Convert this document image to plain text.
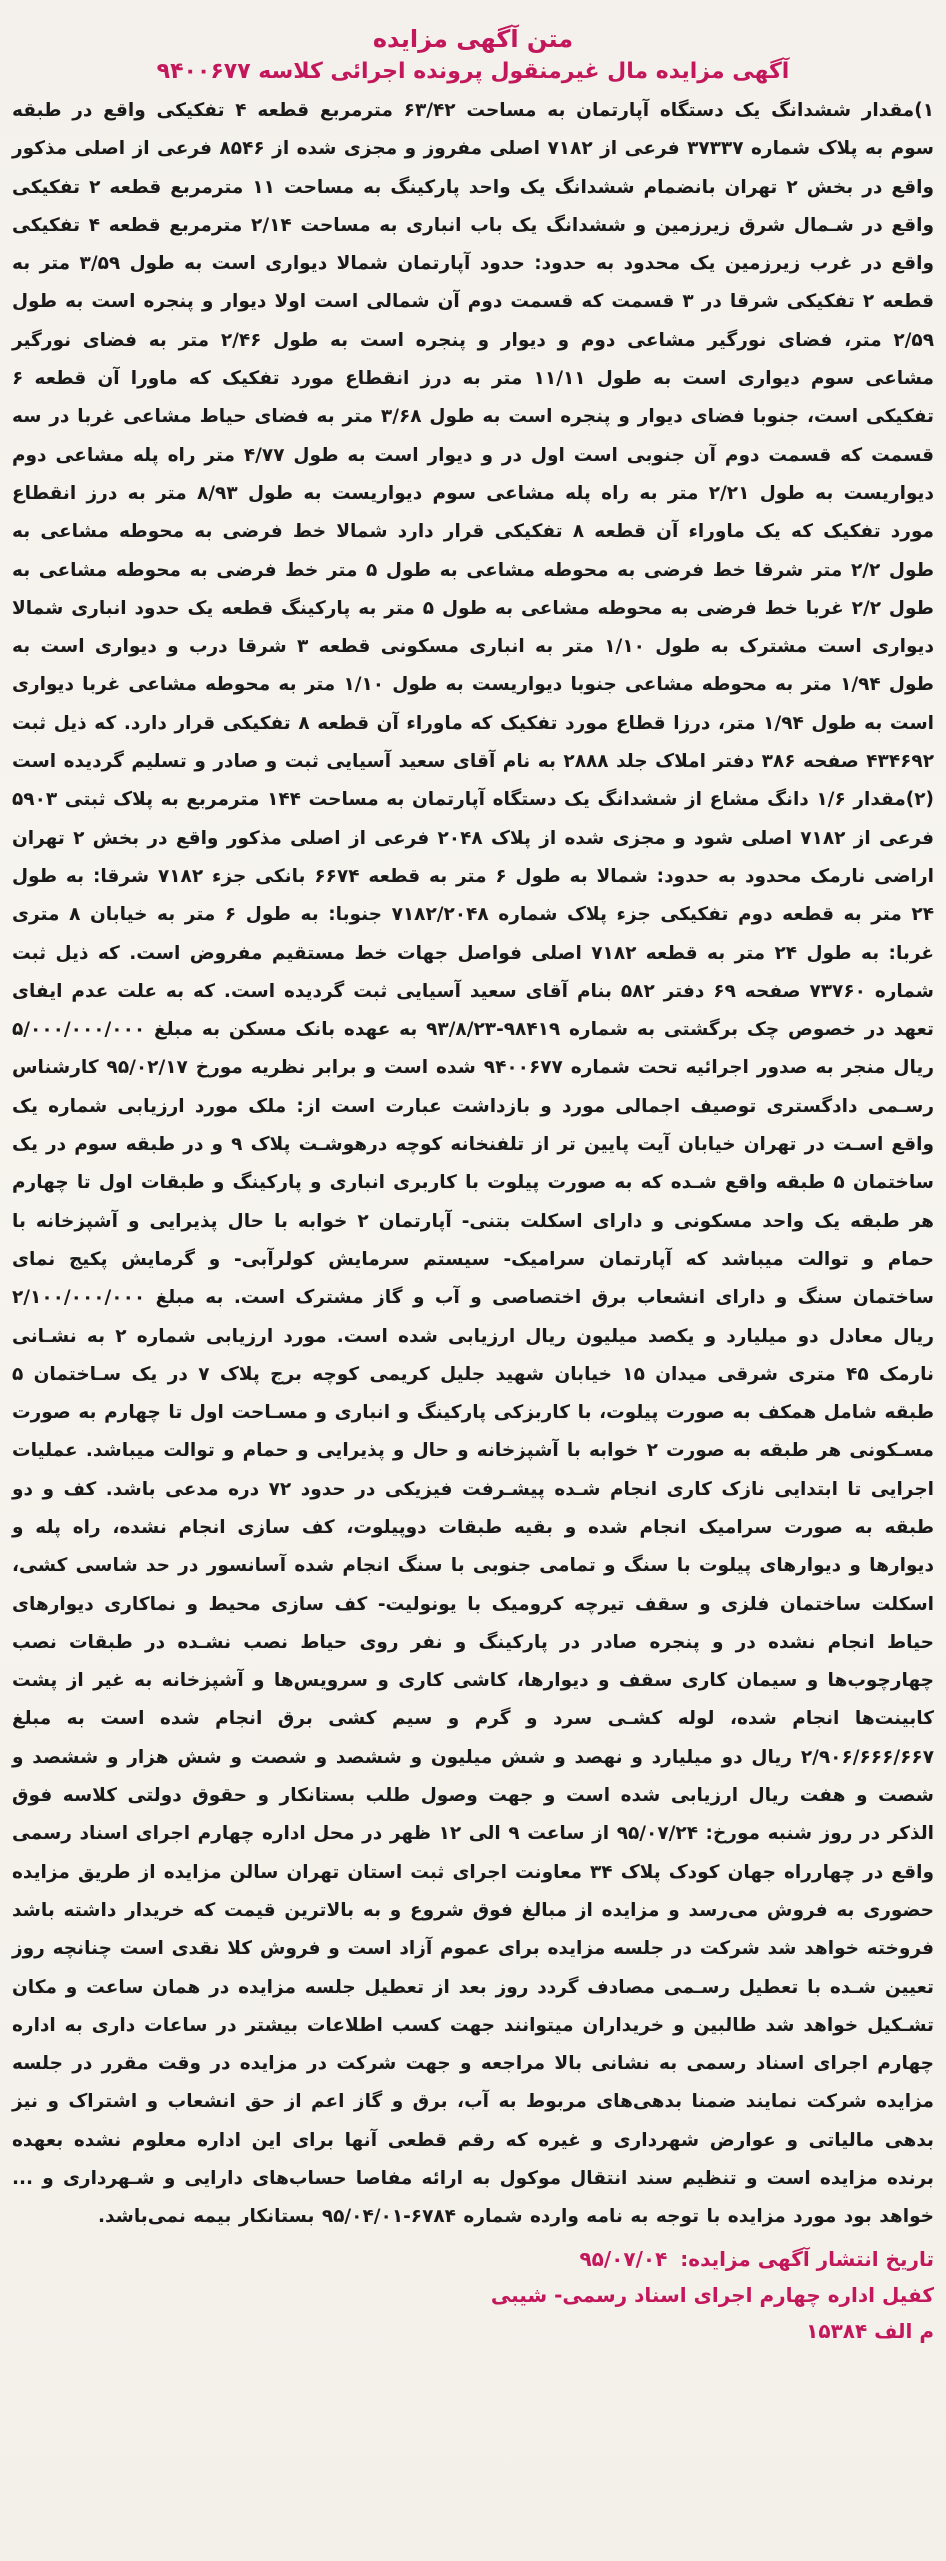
متن آگهی مزایده
آگهی مزایده مال غیرمنقول پرونده اجرائی کلاسه ۹۴۰۰۶۷۷

۱)مقدار ششدانگ یک دستگاه آپارتمان به مساحت ۶۳/۴۲ مترمربع قطعه ۴ تفکیکی واقع در طبقه سوم به پلاک شماره ۳۷۳۳۷ فرعی از ۷۱۸۲ اصلی مفروز و مجزی شده از ۸۵۴۶ فرعی از اصلی مذکور واقع در بخش ۲ تهران بانضمام ششدانگ یک واحد پارکینگ به مساحت ۱۱ مترمربع قطعه ۲ تفکیکی واقع در شـمال شرق زیرزمین و ششدانگ یک باب انباری به مساحت ۲/۱۴ مترمربع قطعه ۴ تفکیکی واقع در غرب زیرزمین یک محدود به حدود: حدود آپارتمان شمالا دیواری است به طول ۳/۵۹ متر به قطعه ۲ تفکیکی شرقا در ۳ قسمت که قسمت دوم آن شمالی است اولا دیوار و پنجره است به طول ۲/۵۹ متر، فضای نورگیر مشاعی دوم و دیوار و پنجره است به طول ۲/۴۶ متر به فضای نورگیر مشاعی سوم دیواری است به طول ۱۱/۱۱ متر به درز انقطاع مورد تفکیک که ماورا آن قطعه ۶ تفکیکی است، جنوبا فضای دیوار و پنجره است به طول ۳/۶۸ متر به فضای حیاط مشاعی غربا در سه قسمت که قسمت دوم آن جنوبی است اول در و دیوار است به طول ۴/۷۷ متر راه پله مشاعی دوم دیواریست به طول ۲/۲۱ متر به راه پله مشاعی سوم دیواریست به طول ۸/۹۳ متر به درز انقطاع مورد تفکیک که یک ماوراء آن قطعه ۸ تفکیکی قرار دارد شمالا خط فرضی به محوطه مشاعی به طول ۲/۲ متر شرقا خط فرضی به محوطه مشاعی به طول ۵ متر خط فرضی به محوطه مشاعی به طول ۲/۲ غربا خط فرضی به محوطه مشاعی به طول ۵ متر به پارکینگ قطعه یک حدود انباری شمالا دیواری است مشترک به طول ۱/۱۰ متر به انباری مسکونی قطعه ۳ شرقا درب و دیواری است به طول ۱/۹۴ متر به محوطه مشاعی جنوبا دیواریست به طول ۱/۱۰ متر به محوطه مشاعی غربا دیواری است به طول ۱/۹۴ متر، درزا قطاع مورد تفکیک که ماوراء آن قطعه ۸ تفکیکی قرار دارد. که ذیل ثبت ۴۳۴۶۹۲ صفحه ۳۸۶ دفتر املاک جلد ۲۸۸۸ به نام آقای سعید آسیایی ثبت و صادر و تسلیم گردیده است (۲)مقدار ۱/۶ دانگ مشاع از ششدانگ یک دستگاه آپارتمان به مساحت ۱۴۴ مترمربع به پلاک ثبتی ۵۹۰۳ فرعی از ۷۱۸۲ اصلی شود و مجزی شده از پلاک ۲۰۴۸ فرعی از اصلی مذکور واقع در بخش ۲ تهران اراضی نارمک محدود به حدود: شمالا به طول ۶ متر به قطعه ۶۶۷۴ بانکی جزء ۷۱۸۲ شرقا: به طول ۲۴ متر به قطعه دوم تفکیکی جزء پلاک شماره ۷۱۸۲/۲۰۴۸ جنوبا: به طول ۶ متر به خیابان ۸ متری غربا: به طول ۲۴ متر به قطعه ۷۱۸۲ اصلی فواصل جهات خط مستقیم مفروض است. که ذیل ثبت شماره ۷۳۷۶۰ صفحه ۶۹ دفتر ۵۸۲ بنام آقای سعید آسیایی ثبت گردیده است. که به علت عدم ایفای تعهد در خصوص چک برگشتی به شماره ۹۸۴۱۹-۹۳/۸/۲۳ به عهده بانک مسکن به مبلغ ۵/۰۰۰/۰۰۰/۰۰۰ ریال منجر به صدور اجرائیه تحت شماره ۹۴۰۰۶۷۷ شده است و برابر نظریه مورخ ۹۵/۰۲/۱۷ کارشناس رسـمی دادگستری توصیف اجمالی مورد و بازداشت عبارت است از: ملک مورد ارزیابی شماره یک واقع اسـت در تهران خیابان آیت پایین تر از تلفنخانه کوچه درهوشـت پلاک ۹ و در طبقه سوم در یک ساختمان ۵ طبقه واقع شـده که به صورت پیلوت با کاربری انباری و پارکینگ و طبقات اول تا چهارم هر طبقه یک واحد مسکونی و دارای اسکلت بتنی- آپارتمان ۲ خوابه با حال پذیرایی و آشپزخانه با حمام و توالت میباشد که آپارتمان سرامیک- سیستم سرمایش کولرآبی- و گرمایش پکیج نمای ساختمان سنگ و دارای انشعاب برق اختصاصی و آب و گاز مشترک است. به مبلغ ۲/۱۰۰/۰۰۰/۰۰۰ ریال معادل دو میلیارد و یکصد میلیون ریال ارزیابی شده است. مورد ارزیابی شماره ۲ به نشـانی نارمک ۴۵ متری شرقی میدان ۱۵ خیابان شهید جلیل کریمی کوچه برج پلاک ۷ در یک سـاختمان ۵ طبقه شامل همکف به صورت پیلوت، با کاربزکی پارکینگ و انباری و مسـاحت اول تا چهارم به صورت مسـکونی هر طبقه به صورت ۲ خوابه با آشپزخانه و حال و پذیرایی و حمام و توالت میباشد. عملیات اجرایی تا ابتدایی نازک کاری انجام شـده پیشـرفت فیزیکی در حدود ۷۲ دره مدعی باشد. کف و دو طبقه به صورت سرامیک انجام شده و بقیه طبقات دوپیلوت، کف سازی انجام نشده، راه پله و دیوارها و دیوارهای پیلوت با سنگ و تمامی جنوبی با سنگ انجام شده آسانسور در حد شاسی کشی، اسکلت ساختمان فلزی و سقف تیرچه کرومیک با یونولیت- کف سازی محیط و نماکاری دیوارهای حیاط انجام نشده در و پنجره صادر در پارکینگ و نفر روی حیاط نصب نشـده در طبقات نصب چهارچوب‌ها و سیمان کاری سقف و دیوارها، کاشی کاری و سرویس‌ها و آشپزخانه به غیر از پشت کابینت‌ها انجام شده، لوله کشـی سرد و گرم و سیم کشی برق انجام شده است به مبلغ ۲/۹۰۶/۶۶۶/۶۶۷ ریال دو میلیارد و نهصد و شش میلیون و ششصد و شصت و شش هزار و ششصد و شصت و هفت ریال ارزیابی شده است و جهت وصول طلب بستانکار و حقوق دولتی کلاسه فوق الذکر در روز شنبه مورخ: ۹۵/۰۷/۲۴ از ساعت ۹ الی ۱۲ ظهر در محل اداره چهارم اجرای اسناد رسمی واقع در چهارراه جهان کودک پلاک ۳۴ معاونت اجرای ثبت استان تهران سالن مزایده از طریق مزایده حضوری به فروش می‌رسد و مزایده از مبالغ فوق شروع و به بالاترین قیمت که خریدار داشته باشد فروخته خواهد شد شرکت در جلسه مزایده برای عموم آزاد است و فروش کلا نقدی است چنانچه روز تعیین شـده با تعطیل رسـمی مصادف گردد روز بعد از تعطیل جلسه مزایده در همان ساعت و مکان تشـکیل خواهد شد طالبین و خریداران میتوانند جهت کسب اطلاعات بیشتر در ساعات داری به اداره چهارم اجرای اسناد رسمی به نشانی بالا مراجعه و جهت شرکت در مزایده در وقت مقرر در جلسه مزایده شرکت نمایند ضمنا بدهی‌های مربوط به آب، برق و گاز اعم از حق انشعاب و اشتراک و نیز بدهی مالیاتی و عوارض شهرداری و غیره که رقم قطعی آنها برای این اداره معلوم نشده بعهده برنده مزایده است و تنظیم سند انتقال موکول به ارائه مفاصا حساب‌های دارایی و شـهرداری و ... خواهد بود مورد مزایده با توجه به نامه وارده شماره ۶۷۸۴-۹۵/۰۴/۰۱ بستانکار بیمه نمی‌باشد.

تاریخ انتشار آگهی مزایده: ۹۵/۰۷/۰۴
کفیل اداره چهارم اجرای اسناد رسمی- شیبی
م الف ۱۵۳۸۴
